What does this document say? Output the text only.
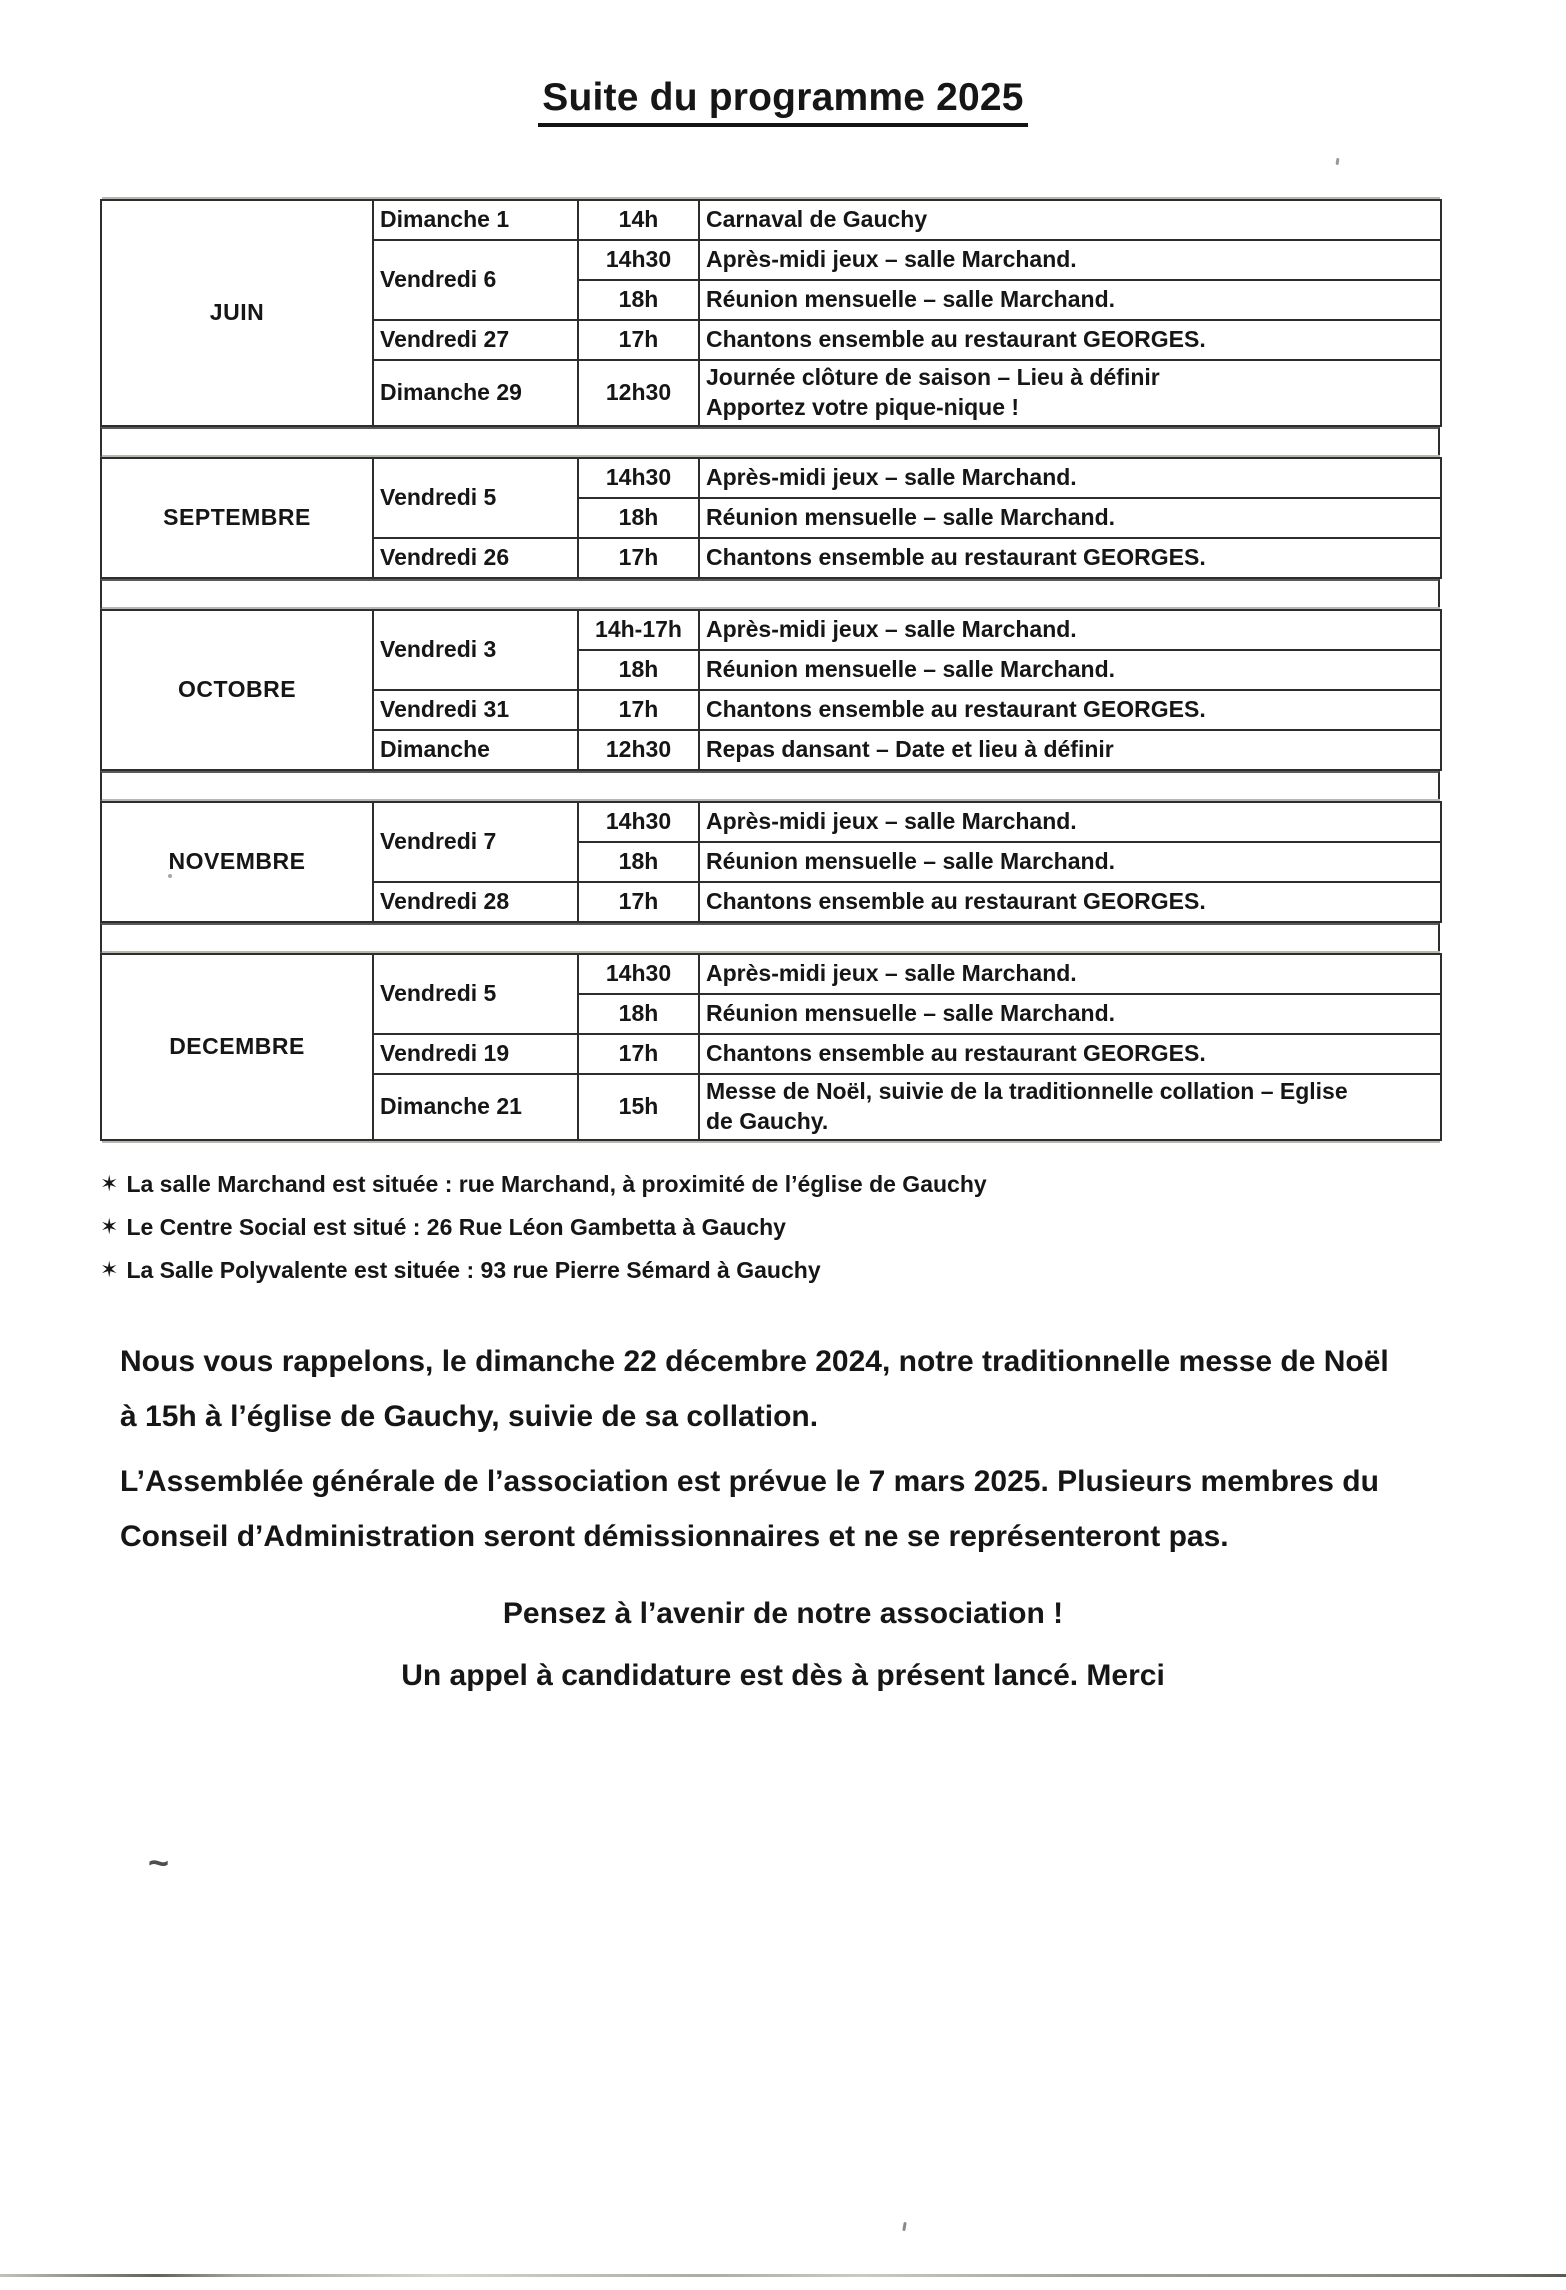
Suite du programme 2025
JUIN	Dimanche 1	14h	Carnaval de Gauchy

	Vendredi 6	14h30	Après-midi jeux – salle Marchand.

		18h	Réunion mensuelle – salle Marchand.

	Vendredi 27	17h	Chantons ensemble au restaurant GEORGES.

	Dimanche 29	12h30	Journée clôture de saison – Lieu à définir
Apportez votre pique-nique !
SEPTEMBRE	Vendredi 5	14h30	Après-midi jeux – salle Marchand.

		18h	Réunion mensuelle – salle Marchand.

	Vendredi 26	17h	Chantons ensemble au restaurant GEORGES.
OCTOBRE	Vendredi 3	14h-17h	Après-midi jeux – salle Marchand.

		18h	Réunion mensuelle – salle Marchand.

	Vendredi 31	17h	Chantons ensemble au restaurant GEORGES.

	Dimanche	12h30	Repas dansant – Date et lieu à définir
NOVEMBRE	Vendredi 7	14h30	Après-midi jeux – salle Marchand.

		18h	Réunion mensuelle – salle Marchand.

	Vendredi 28	17h	Chantons ensemble au restaurant GEORGES.
DECEMBRE	Vendredi 5	14h30	Après-midi jeux – salle Marchand.

		18h	Réunion mensuelle – salle Marchand.

	Vendredi 19	17h	Chantons ensemble au restaurant GEORGES.

	Dimanche 21	15h	Messe de Noël, suivie de la traditionnelle collation – Eglise
de Gauchy.
✶ La salle Marchand est située : rue Marchand, à proximité de l’église de Gauchy
✶ Le Centre Social est situé : 26 Rue Léon Gambetta à Gauchy
✶ La Salle Polyvalente est située : 93 rue Pierre Sémard à Gauchy
Nous vous rappelons, le dimanche 22 décembre 2024, notre traditionnelle messe de Noël
à 15h à l’église de Gauchy, suivie de sa collation.
L’Assemblée générale de l’association est prévue le 7 mars 2025. Plusieurs membres du
Conseil d’Administration seront démissionnaires et ne se représenteront pas.
Pensez à l’avenir de notre association !
Un appel à candidature est dès à présent lancé. Merci
~
